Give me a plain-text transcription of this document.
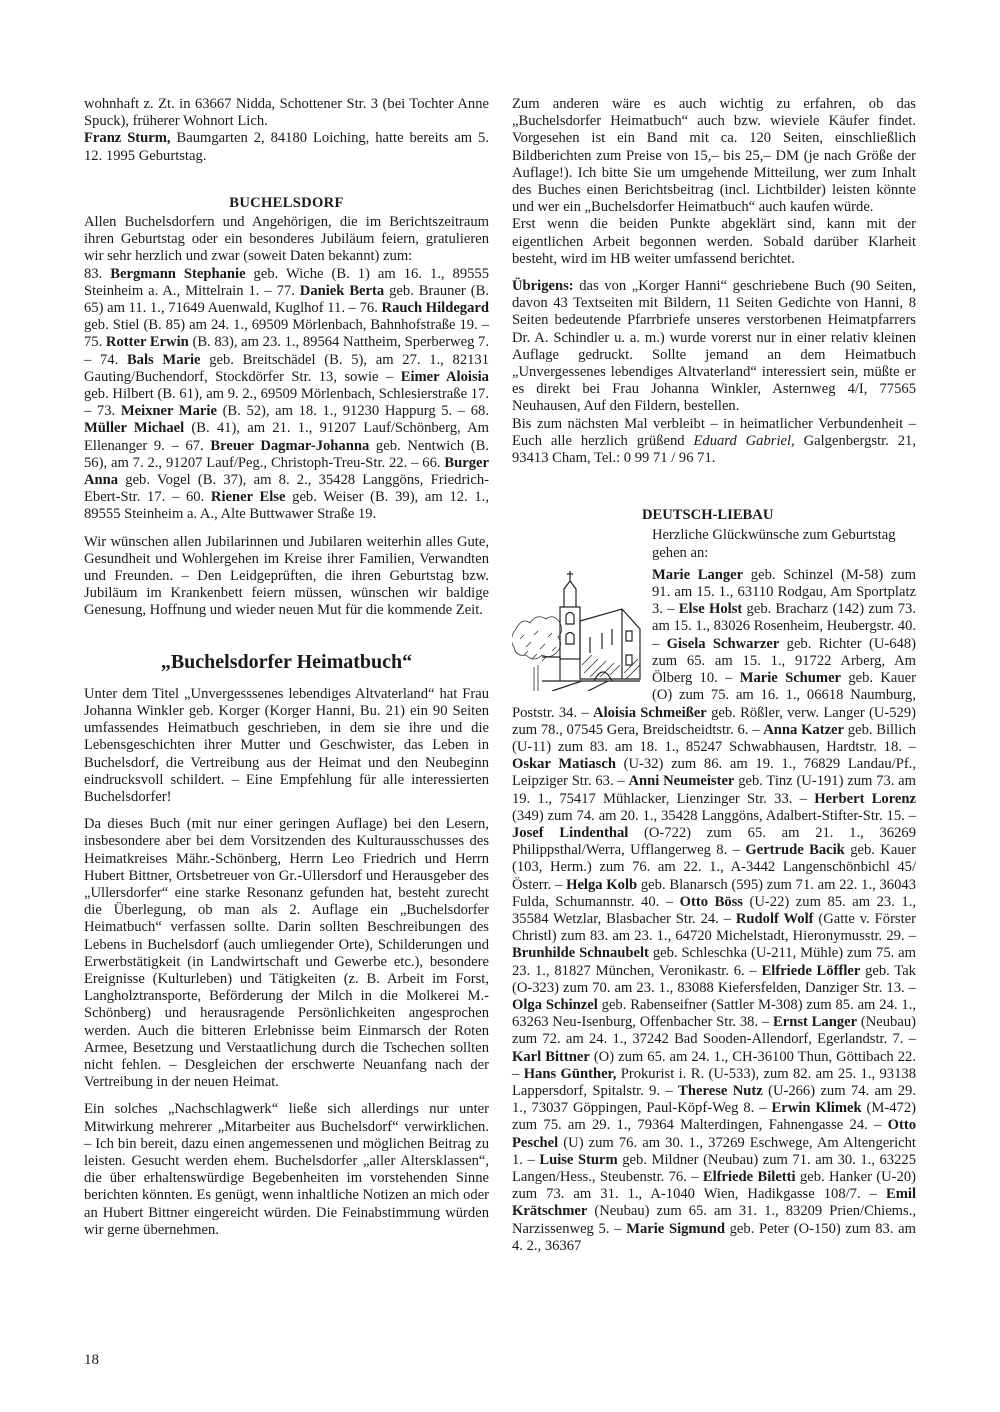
wohnhaft z. Zt. in 63667 Nidda, Schottener Str. 3 (bei Tochter Anne Spuck), früherer Wohnort Lich.

Franz Sturm, Baumgarten 2, 84180 Loiching, hatte bereits am 5. 12. 1995 Geburtstag.

BUCHELSDORF

Allen Buchelsdorfern und Angehörigen, die im Berichtszeitraum ihren Geburtstag oder ein besonderes Jubiläum feiern, gratulieren wir sehr herzlich und zwar (soweit Daten bekannt) zum:

83. Bergmann Stephanie geb. Wiche (B. 1) am 16. 1., 89555 Steinheim a. A., Mittelrain 1. – 77. Daniek Berta geb. Brauner (B. 65) am 11. 1., 71649 Auenwald, Kuglhof 11. – 76. Rauch Hildegard geb. Stiel (B. 85) am 24. 1., 69509 Mörlenbach, Bahnhofstraße 19. – 75. Rotter Erwin (B. 83), am 23. 1., 89564 Nattheim, Sperberweg 7. – 74. Bals Marie geb. Breitschädel (B. 5), am 27. 1., 82131 Gauting/Buchendorf, Stockdörfer Str. 13, sowie – Eimer Aloisia geb. Hilbert (B. 61), am 9. 2., 69509 Mörlenbach, Schlesierstraße 17. – 73. Meixner Marie (B. 52), am 18. 1., 91230 Happurg 5. – 68. Müller Michael (B. 41), am 21. 1., 91207 Lauf/Schönberg, Am Ellenanger 9. – 67. Breuer Dagmar-Johanna geb. Nentwich (B. 56), am 7. 2., 91207 Lauf/Peg., Christoph-Treu-Str. 22. – 66. Burger Anna geb. Vogel (B. 37), am 8. 2., 35428 Langgöns, Friedrich-Ebert-Str. 17. – 60. Riener Else geb. Weiser (B. 39), am 12. 1., 89555 Steinheim a. A., Alte Buttwawer Straße 19.

Wir wünschen allen Jubilarinnen und Jubilaren weiterhin alles Gute, Gesundheit und Wohlergehen im Kreise ihrer Familien, Verwandten und Freunden. – Den Leidgeprüften, die ihren Geburtstag bzw. Jubiläum im Krankenbett feiern müssen, wünschen wir baldige Genesung, Hoffnung und wieder neuen Mut für die kommende Zeit.

„Buchelsdorfer Heimatbuch“

Unter dem Titel „Unvergesssenes lebendiges Altvaterland“ hat Frau Johanna Winkler geb. Korger (Korger Hanni, Bu. 21) ein 90 Seiten umfassendes Heimatbuch geschrieben, in dem sie ihre und die Lebensgeschichten ihrer Mutter und Geschwister, das Leben in Buchelsdorf, die Vertreibung aus der Heimat und den Neubeginn eindrucksvoll schildert. – Eine Empfehlung für alle interessierten Buchelsdorfer!

Da dieses Buch (mit nur einer geringen Auflage) bei den Lesern, insbesondere aber bei dem Vorsitzenden des Kulturausschusses des Heimatkreises Mähr.-Schönberg, Herrn Leo Friedrich und Herrn Hubert Bittner, Ortsbetreuer von Gr.-Ullersdorf und Herausgeber des „Ullersdorfer“ eine starke Resonanz gefunden hat, besteht zurecht die Überlegung, ob man als 2. Auflage ein „Buchelsdorfer Heimatbuch“ verfassen sollte. Darin sollten Beschreibungen des Lebens in Buchelsdorf (auch umliegender Orte), Schilderungen und Erwerbstätigkeit (in Landwirtschaft und Gewerbe etc.), besondere Ereignisse (Kulturleben) und Tätigkeiten (z. B. Arbeit im Forst, Langholztransporte, Beförderung der Milch in die Molkerei M.-Schönberg) und herausragende Persönlichkeiten angesprochen werden. Auch die bitteren Erlebnisse beim Einmarsch der Roten Armee, Besetzung und Verstaatlichung durch die Tschechen sollten nicht fehlen. – Desgleichen der erschwerte Neuanfang nach der Vertreibung in der neuen Heimat.

Ein solches „Nachschlagwerk“ ließe sich allerdings nur unter Mitwirkung mehrerer „Mitarbeiter aus Buchelsdorf“ verwirklichen. – Ich bin bereit, dazu einen angemessenen und möglichen Beitrag zu leisten. Gesucht werden ehem. Buchelsdorfer „aller Altersklassen“, die über erhaltenswürdige Begebenheiten im vorstehenden Sinne berichten könnten. Es genügt, wenn inhaltliche Notizen an mich oder an Hubert Bittner eingereicht würden. Die Feinabstimmung würden wir gerne übernehmen.

Zum anderen wäre es auch wichtig zu erfahren, ob das „Buchelsdorfer Heimatbuch“ auch bzw. wieviele Käufer findet. Vorgesehen ist ein Band mit ca. 120 Seiten, einschließlich Bildberichten zum Preise von 15,– bis 25,– DM (je nach Größe der Auflage!). Ich bitte Sie um umgehende Mitteilung, wer zum Inhalt des Buches einen Berichtsbeitrag (incl. Lichtbilder) leisten könnte und wer ein „Buchelsdorfer Heimatbuch“ auch kaufen würde.

Erst wenn die beiden Punkte abgeklärt sind, kann mit der eigentlichen Arbeit begonnen werden. Sobald darüber Klarheit besteht, wird im HB weiter umfassend berichtet.

Übrigens: das von „Korger Hanni“ geschriebene Buch (90 Seiten, davon 43 Textseiten mit Bildern, 11 Seiten Gedichte von Hanni, 8 Seiten bedeutende Pfarrbriefe unseres verstorbenen Heimatpfarrers Dr. A. Schindler u. a. m.) wurde vorerst nur in einer relativ kleinen Auflage gedruckt. Sollte jemand an dem Heimatbuch „Unvergessenes lebendiges Altvaterland“ interessiert sein, müßte er es direkt bei Frau Johanna Winkler, Asternweg 4/I, 77565 Neuhausen, Auf den Fildern, bestellen.

Bis zum nächsten Mal verbleibt – in heimatlicher Verbundenheit – Euch alle herzlich grüßend Eduard Gabriel, Galgenbergstr. 21, 93413 Cham, Tel.: 0 99 71 / 96 71.

DEUTSCH-LIEBAU

Herzliche Glückwünsche zum Geburtstag gehen an:

Marie Langer geb. Schinzel (M-58) zum 91. am 15. 1., 63110 Rodgau, Am Sportplatz 3. – Else Holst geb. Bracharz (142) zum 73. am 15. 1., 83026 Rosenheim, Heubergstr. 40. – Gisela Schwarzer geb. Richter (U-648) zum 65. am 15. 1., 91722 Arberg, Am Ölberg 10. – Marie Schumer geb. Kauer (O) zum 75. am 16. 1., 06618 Naumburg, Poststr. 34. – Aloisia Schmeißer geb. Rößler, verw. Langer (U-529) zum 78., 07545 Gera, Breidscheidtstr. 6. – Anna Katzer geb. Billich (U-11) zum 83. am 18. 1., 85247 Schwabhausen, Hardtstr. 18. – Oskar Matiasch (U-32) zum 86. am 19. 1., 76829 Landau/Pf., Leipziger Str. 63. – Anni Neumeister geb. Tinz (U-191) zum 73. am 19. 1., 75417 Mühlacker, Lienzinger Str. 33. – Herbert Lorenz (349) zum 74. am 20. 1., 35428 Langgöns, Adalbert-Stifter-Str. 15. – Josef Lindenthal (O-722) zum 65. am 21. 1., 36269 Philippsthal/Werra, Ufflangerweg 8. – Gertrude Bacik geb. Kauer (103, Herm.) zum 76. am 22. 1., A-3442 Langenschönbichl 45/Österr. – Helga Kolb geb. Blanarsch (595) zum 71. am 22. 1., 36043 Fulda, Schumannstr. 40. – Otto Böss (U-22) zum 85. am 23. 1., 35584 Wetzlar, Blasbacher Str. 24. – Rudolf Wolf (Gatte v. Förster Christl) zum 83. am 23. 1., 64720 Michelstadt, Hieronymusstr. 29. – Brunhilde Schnaubelt geb. Schleschka (U-211, Mühle) zum 75. am 23. 1., 81827 München, Veronikastr. 6. – Elfriede Löffler geb. Tak (O-323) zum 70. am 23. 1., 83088 Kiefersfelden, Danziger Str. 13. – Olga Schinzel geb. Rabenseifner (Sattler M-308) zum 85. am 24. 1., 63263 Neu-Isenburg, Offenbacher Str. 38. – Ernst Langer (Neubau) zum 72. am 24. 1., 37242 Bad Sooden-Allendorf, Egerlandstr. 7. – Karl Bittner (O) zum 65. am 24. 1., CH-36100 Thun, Göttibach 22. – Hans Günther, Prokurist i. R. (U-533), zum 82. am 25. 1., 93138 Lappersdorf, Spitalstr. 9. – Therese Nutz (U-266) zum 74. am 29. 1., 73037 Göppingen, Paul-Köpf-Weg 8. – Erwin Klimek (M-472) zum 75. am 29. 1., 79364 Malterdingen, Fahnengasse 24. – Otto Peschel (U) zum 76. am 30. 1., 37269 Eschwege, Am Altengericht 1. – Luise Sturm geb. Mildner (Neubau) zum 71. am 30. 1., 63225 Langen/Hess., Steubenstr. 76. – Elfriede Biletti geb. Hanker (U-20) zum 73. am 31. 1., A-1040 Wien, Hadikgasse 108/7. – Emil Krätschmer (Neubau) zum 65. am 31. 1., 83209 Prien/Chiems., Narzissenweg 5. – Marie Sigmund geb. Peter (O-150) zum 83. am 4. 2., 36367

18
